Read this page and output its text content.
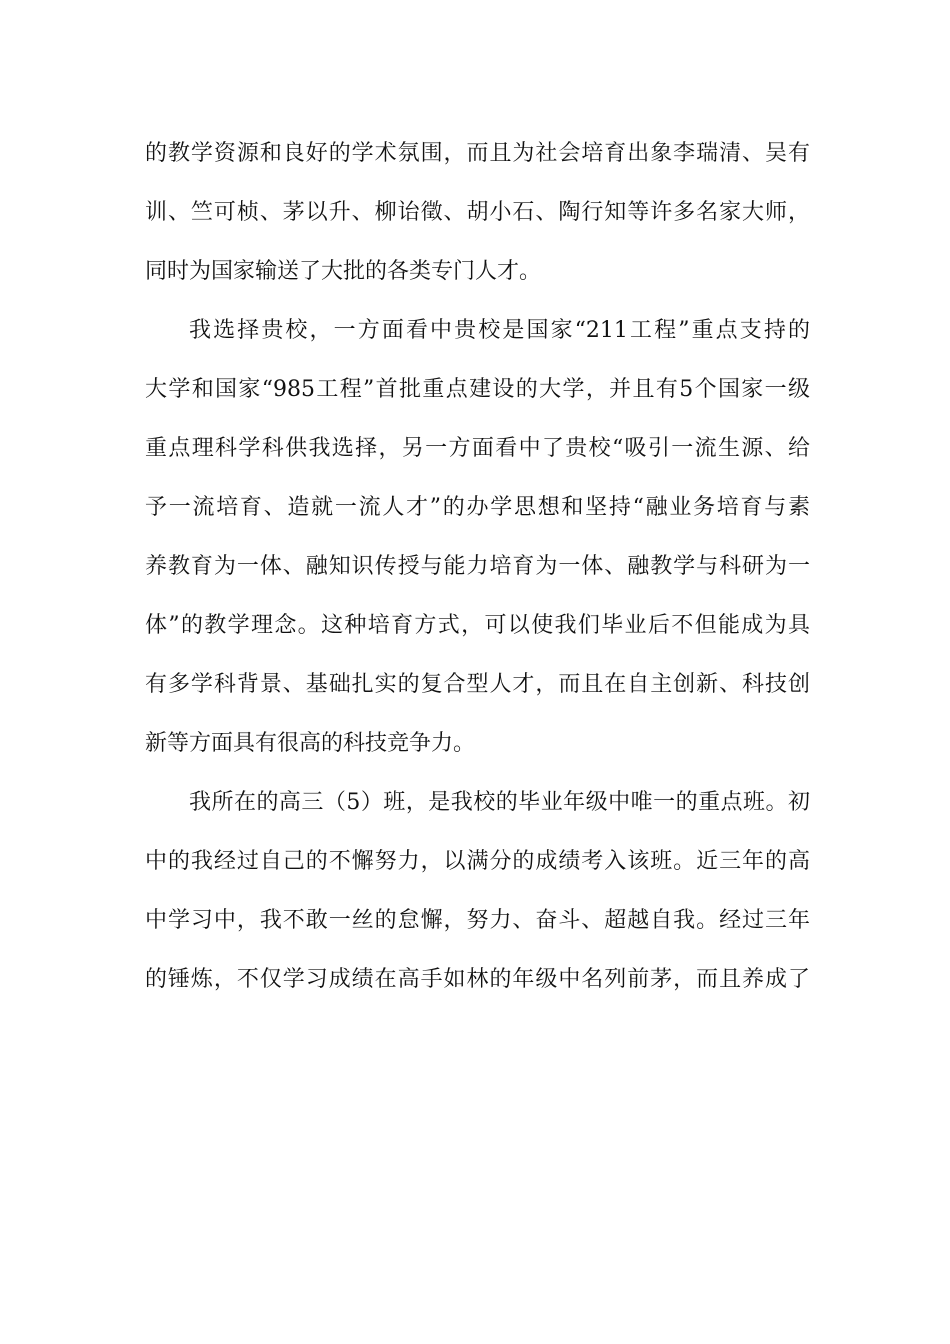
的教学资源和良好的学术氛围，而且为社会培育出象李瑞清、吴有
训、竺可桢、茅以升、柳诒徵、胡小石、陶行知等许多名家大师，
同时为国家输送了大批的各类专门人才。
我选择贵校，一方面看中贵校是国家“211工程”重点支持的
大学和国家“985工程”首批重点建设的大学，并且有5个国家一级
重点理科学科供我选择，另一方面看中了贵校“吸引一流生源、给
予一流培育、造就一流人才”的办学思想和坚持“融业务培育与素
养教育为一体、融知识传授与能力培育为一体、融教学与科研为一
体”的教学理念。这种培育方式，可以使我们毕业后不但能成为具
有多学科背景、基础扎实的复合型人才，而且在自主创新、科技创
新等方面具有很高的科技竞争力。
我所在的高三（5）班，是我校的毕业年级中唯一的重点班。初
中的我经过自己的不懈努力，以满分的成绩考入该班。近三年的高
中学习中，我不敢一丝的怠懈，努力、奋斗、超越自我。经过三年
的锤炼，不仅学习成绩在高手如林的年级中名列前茅，而且养成了
